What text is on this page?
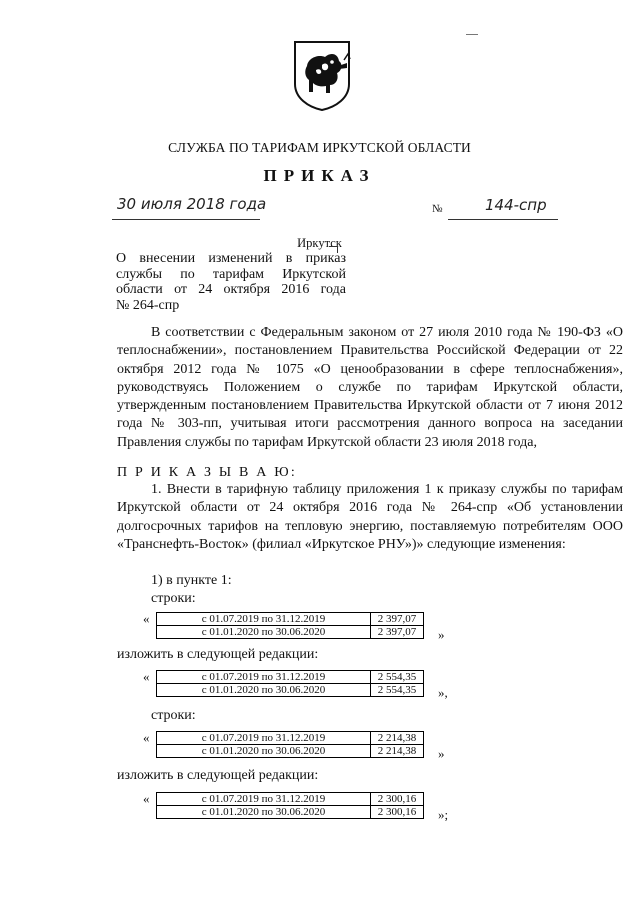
СЛУЖБА ПО ТАРИФАМ ИРКУТСКОЙ ОБЛАСТИ
ПРИКАЗ
30 июля 2018 года	№	144-спр
Иркутск
О внесении изменений в приказ
службы по тарифам Иркутской
области от 24 октября 2016 года
№ 264-спр
В соответствии с Федеральным законом от 27 июля 2010 года № 190-ФЗ «О теплоснабжении», постановлением Правительства Российской Федерации от 22 октября 2012 года № 1075 «О ценообразовании в сфере теплоснабжения», руководствуясь Положением о службе по тарифам Иркутской области, утвержденным постановлением Правительства Иркутской области от 7 июня 2012 года № 303-пп, учитывая итоги рассмотрения данного вопроса на заседании Правления службы по тарифам Иркутской области 23 июля 2018 года,
П Р И К А З Ы В А Ю:
1. Внести в тарифную таблицу приложения 1 к приказу службы по тарифам Иркутской области от 24 октября 2016 года № 264-спр «Об установлении долгосрочных тарифов на тепловую энергию, поставляемую потребителям ООО «Транснефть-Восток» (филиал «Иркутское РНУ»)» следующие изменения:
1) в пункте 1:
строки:
«	с 01.07.2019 по 31.12.2019	2 397,07
с 01.01.2020 по 30.06.2020	2 397,07 »
изложить в следующей редакции:
«	с 01.07.2019 по 31.12.2019	2 554,35
с 01.01.2020 по 30.06.2020	2 554,35 »,
строки:
«	с 01.07.2019 по 31.12.2019	2 214,38
с 01.01.2020 по 30.06.2020	2 214,38 »
изложить в следующей редакции:
«	с 01.07.2019 по 31.12.2019	2 300,16
с 01.01.2020 по 30.06.2020	2 300,16 »;
